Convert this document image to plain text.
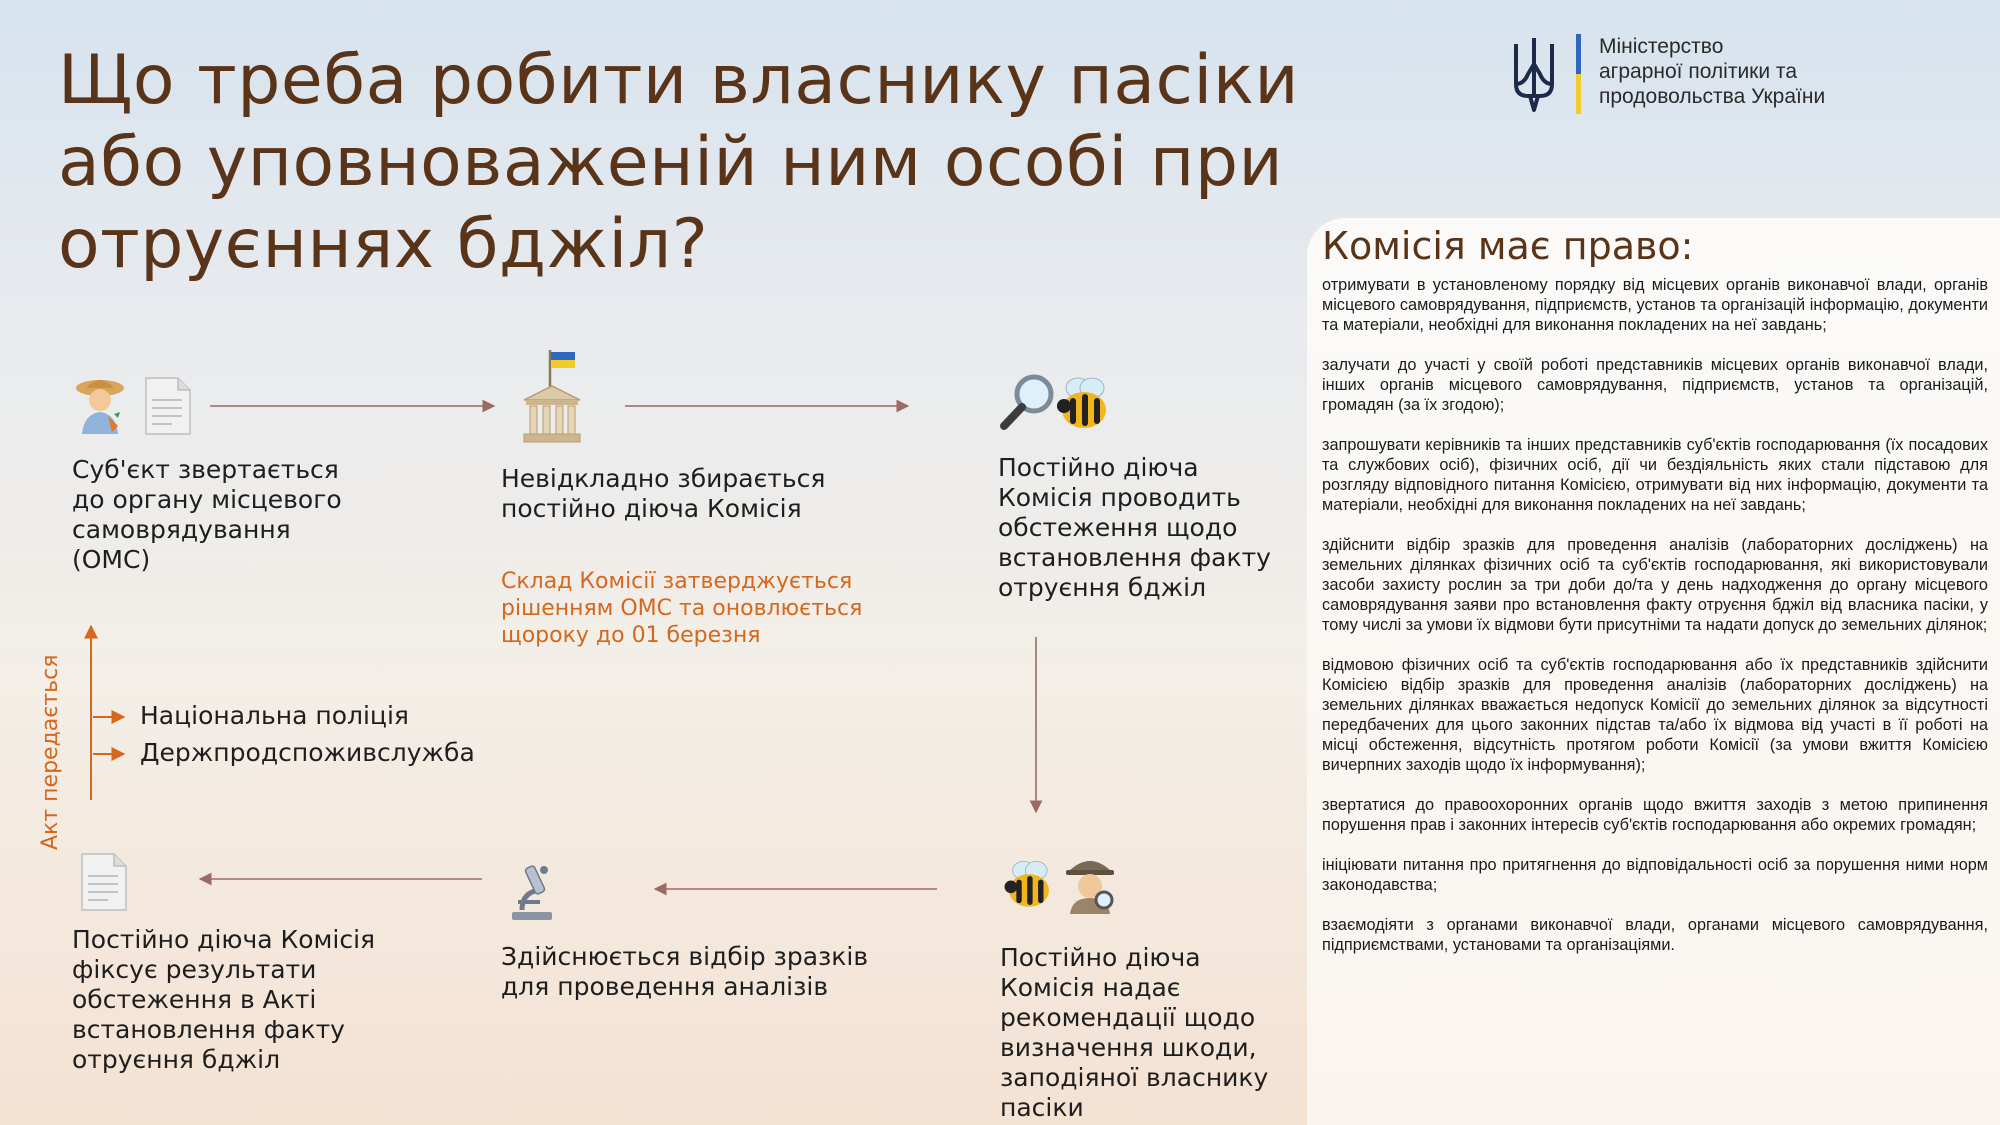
Що треба робити власнику пасіки або уповноваженій ним особі при отруєннях бджіл?
Міністерство
аграрної політики та
продовольства України
Суб'єкт звертається до органу місцевого самоврядування (ОМС)
Невідкладно збирається постійно діюча Комісія
Склад Комісії затверджується рішенням ОМС та оновлюється щороку до 01 березня
Постійно діюча Комісія проводить обстеження щодо встановлення факту отруєння бджіл
Постійно діюча Комісія надає рекомендації щодо визначення шкоди, заподіяної власнику пасіки
Здійснюється відбір зразків для проведення аналізів
Постійно діюча Комісія фіксує результати обстеження в Акті встановлення факту отруєння бджіл
Акт передається	Національна поліція
Держпродспоживслужба
Комісія має право:

отримувати в установленому порядку від місцевих органів виконавчої влади, органів місцевого самоврядування, підприємств, установ та організацій інформацію, документи та матеріали, необхідні для виконання покладених на неї завдань;

залучати до участі у своїй роботі представників місцевих органів виконавчої влади, інших органів місцевого самоврядування, підприємств, установ та організацій, громадян (за їх згодою);

запрошувати керівників та інших представників суб'єктів господарювання (їх посадових та службових осіб), фізичних осіб, дії чи бездіяльність яких стали підставою для розгляду відповідного питання Комісією, отримувати від них інформацію, документи та матеріали, необхідні для виконання покладених на неї завдань;

здійснити відбір зразків для проведення аналізів (лабораторних досліджень) на земельних ділянках фізичних осіб та суб'єктів господарювання, які використовували засоби захисту рослин за три доби до/та у день надходження до органу місцевого самоврядування заяви про встановлення факту отруєння бджіл від власника пасіки, у тому числі за умови їх відмови бути присутніми та надати допуск до земельних ділянок;

відмовою фізичних осіб та суб'єктів господарювання або їх представників здійснити Комісією відбір зразків для проведення аналізів (лабораторних досліджень) на земельних ділянках вважається недопуск Комісії до земельних ділянок за відсутності передбачених для цього законних підстав та/або їх відмова від участі в її роботі на місці обстеження, відсутність протягом роботи Комісії (за умови вжиття Комісією вичерпних заходів щодо їх інформування);

звертатися до правоохоронних органів щодо вжиття заходів з метою припинення порушення прав і законних інтересів суб'єктів господарювання або окремих громадян;

ініціювати питання про притягнення до відповідальності осіб за порушення ними норм законодавства;

взаємодіяти з органами виконавчої влади, органами місцевого самоврядування, підприємствами, установами та організаціями.
